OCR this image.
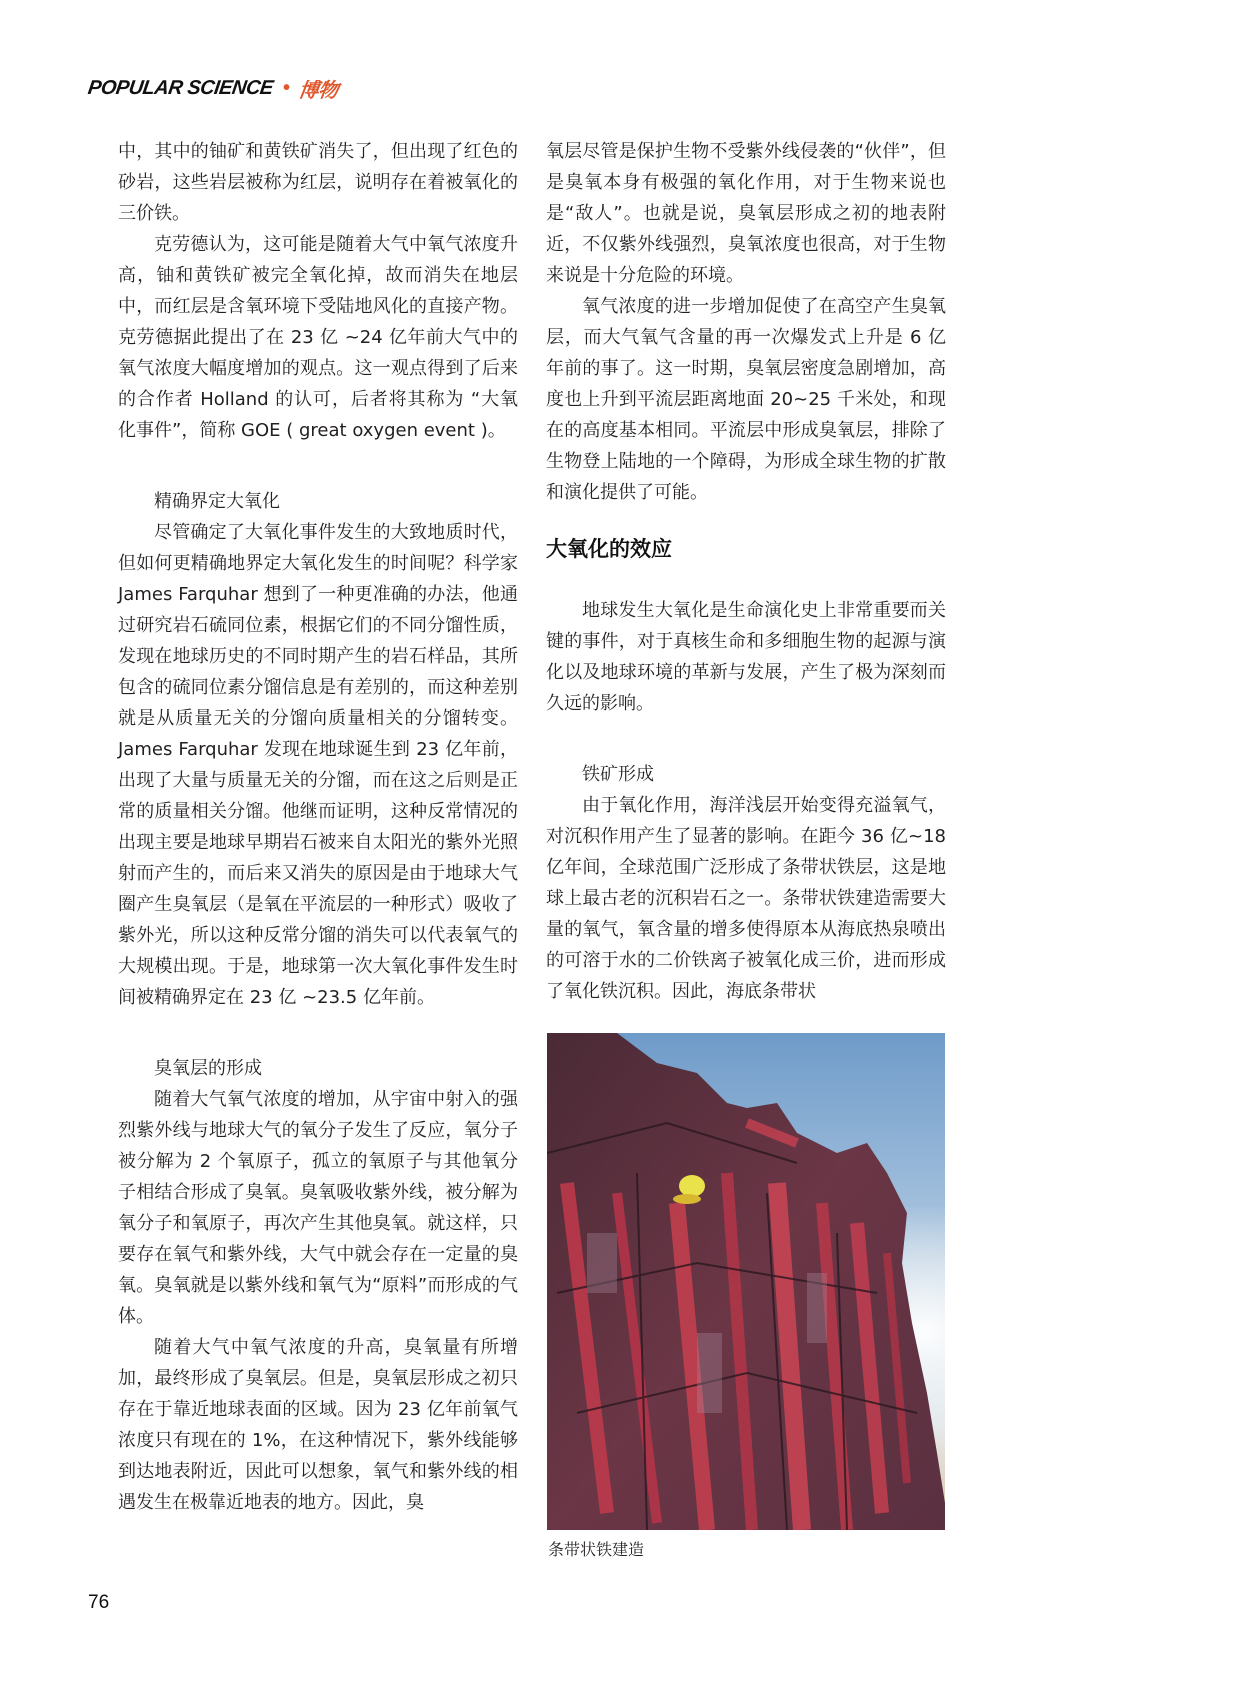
POPULAR SCIENCE • 博物

中，其中的铀矿和黄铁矿消失了，但出现了红色的砂岩，这些岩层被称为红层，说明存在着被氧化的三价铁。

克劳德认为，这可能是随着大气中氧气浓度升高，铀和黄铁矿被完全氧化掉，故而消失在地层中，而红层是含氧环境下受陆地风化的直接产物。克劳德据此提出了在 23 亿 ~24 亿年前大气中的氧气浓度大幅度增加的观点。这一观点得到了后来的合作者 Holland 的认可，后者将其称为 “大氧化事件”，简称 GOE ( great oxygen event )。

精确界定大氧化

尽管确定了大氧化事件发生的大致地质时代，但如何更精确地界定大氧化发生的时间呢？科学家 James Farquhar 想到了一种更准确的办法，他通过研究岩石硫同位素，根据它们的不同分馏性质，发现在地球历史的不同时期产生的岩石样品，其所包含的硫同位素分馏信息是有差别的，而这种差别就是从质量无关的分馏向质量相关的分馏转变。James Farquhar 发现在地球诞生到 23 亿年前，出现了大量与质量无关的分馏，而在这之后则是正常的质量相关分馏。他继而证明，这种反常情况的出现主要是地球早期岩石被来自太阳光的紫外光照射而产生的，而后来又消失的原因是由于地球大气圈产生臭氧层（是氧在平流层的一种形式）吸收了紫外光，所以这种反常分馏的消失可以代表氧气的大规模出现。于是，地球第一次大氧化事件发生时间被精确界定在 23 亿 ~23.5 亿年前。

臭氧层的形成

随着大气氧气浓度的增加，从宇宙中射入的强烈紫外线与地球大气的氧分子发生了反应，氧分子被分解为 2 个氧原子，孤立的氧原子与其他氧分子相结合形成了臭氧。臭氧吸收紫外线，被分解为氧分子和氧原子，再次产生其他臭氧。就这样，只要存在氧气和紫外线，大气中就会存在一定量的臭氧。臭氧就是以紫外线和氧气为“原料”而形成的气体。

随着大气中氧气浓度的升高，臭氧量有所增加，最终形成了臭氧层。但是，臭氧层形成之初只存在于靠近地球表面的区域。因为 23 亿年前氧气浓度只有现在的 1%，在这种情况下，紫外线能够到达地表附近，因此可以想象，氧气和紫外线的相遇发生在极靠近地表的地方。因此，臭

氧层尽管是保护生物不受紫外线侵袭的“伙伴”，但是臭氧本身有极强的氧化作用，对于生物来说也是“敌人”。也就是说，臭氧层形成之初的地表附近，不仅紫外线强烈，臭氧浓度也很高，对于生物来说是十分危险的环境。

氧气浓度的进一步增加促使了在高空产生臭氧层，而大气氧气含量的再一次爆发式上升是 6 亿年前的事了。这一时期，臭氧层密度急剧增加，高度也上升到平流层距离地面 20~25 千米处，和现在的高度基本相同。平流层中形成臭氧层，排除了生物登上陆地的一个障碍，为形成全球生物的扩散和演化提供了可能。

大氧化的效应

地球发生大氧化是生命演化史上非常重要而关键的事件，对于真核生命和多细胞生物的起源与演化以及地球环境的革新与发展，产生了极为深刻而久远的影响。

铁矿形成

由于氧化作用，海洋浅层开始变得充溢氧气，对沉积作用产生了显著的影响。在距今 36 亿~18 亿年间，全球范围广泛形成了条带状铁层，这是地球上最古老的沉积岩石之一。条带状铁建造需要大量的氧气，氧含量的增多使得原本从海底热泉喷出的可溶于水的二价铁离子被氧化成三价，进而形成了氧化铁沉积。因此，海底条带状

条带状铁建造
76
